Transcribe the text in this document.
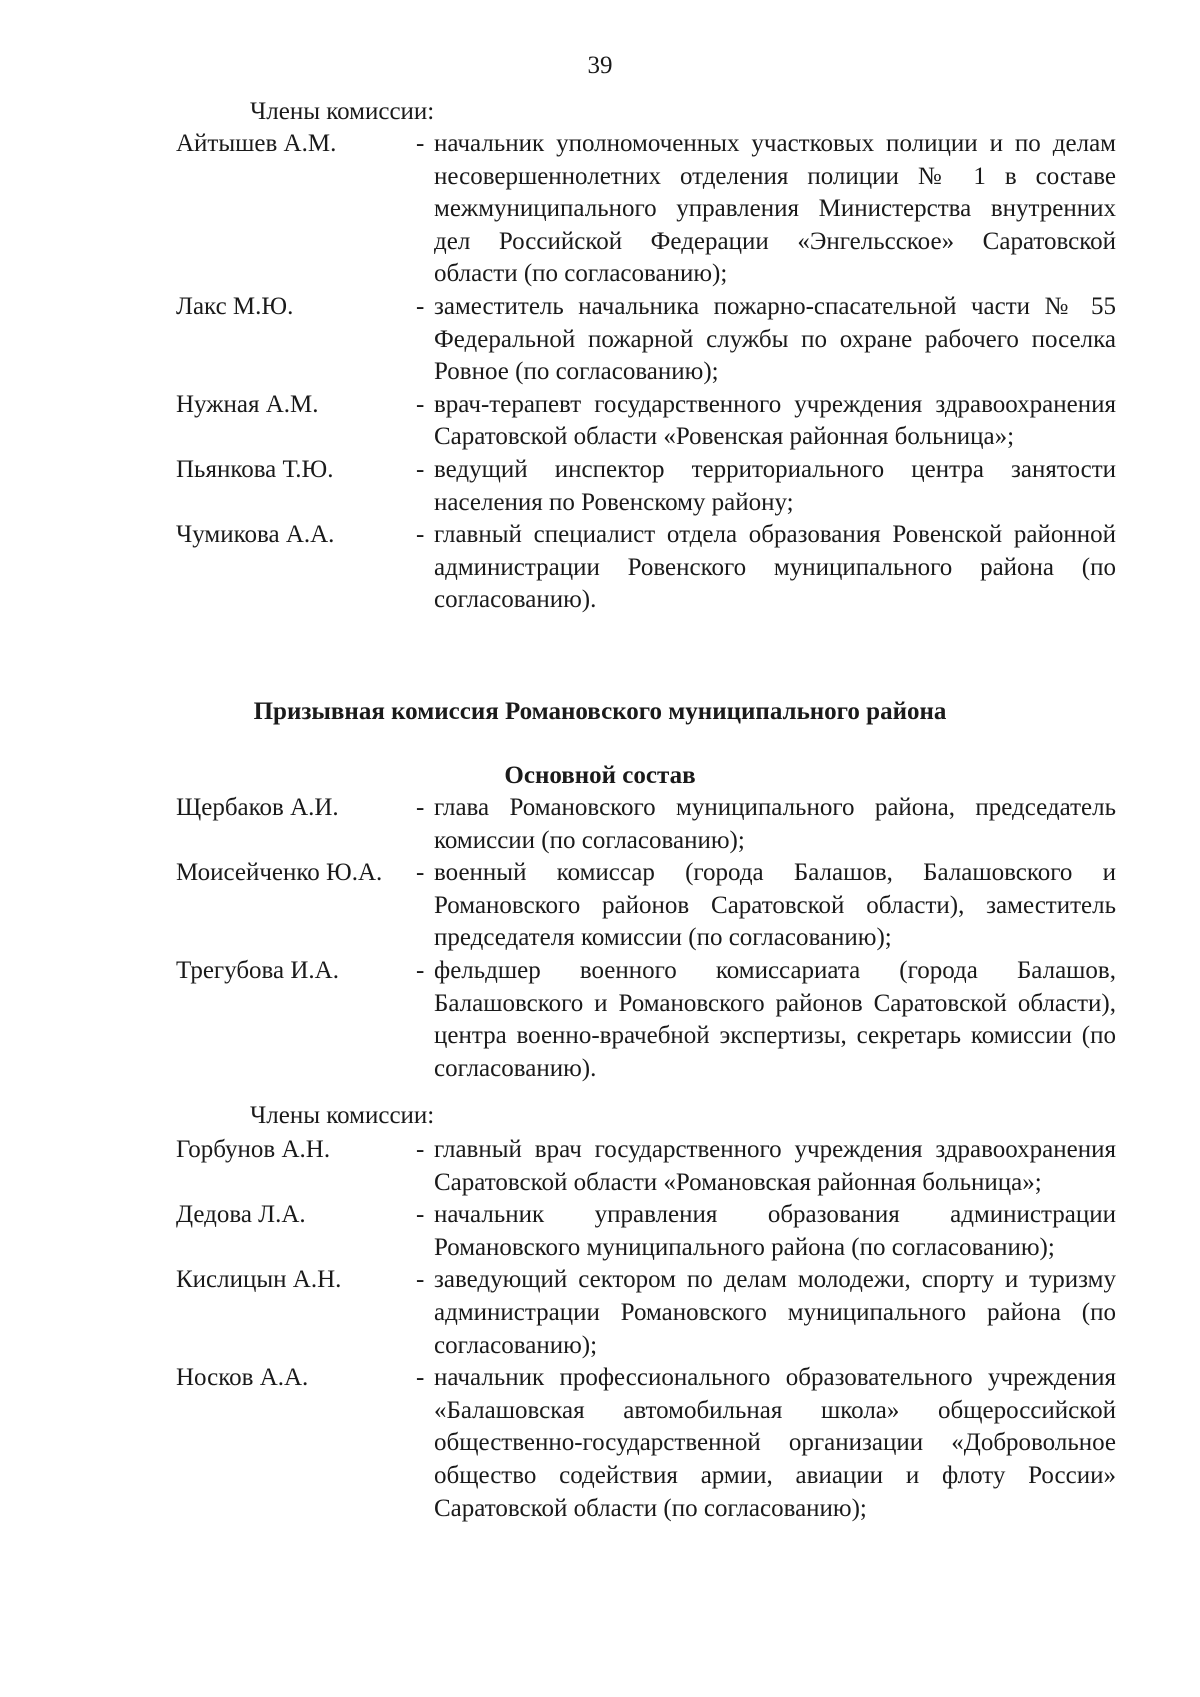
39
Члены комиссии:
Айтышев А.М.	- начальник уполномоченных участковых полиции и по делам несовершеннолетних отделения полиции № 1 в составе межмуниципального управления Министерства внутренних дел Российской Федерации «Энгельсское» Саратовской области (по согласованию);
Лакс М.Ю.	- заместитель начальника пожарно-спасательной части № 55 Федеральной пожарной службы по охране рабочего поселка Ровное (по согласованию);
Нужная А.М.	- врач-терапевт государственного учреждения здравоохранения Саратовской области «Ровенская районная больница»;
Пьянкова Т.Ю.	- ведущий инспектор территориального центра занятости населения по Ровенскому району;
Чумикова А.А.	- главный специалист отдела образования Ровенской районной администрации Ровенского муниципального района (по согласованию).
Призывная комиссия Романовского муниципального района
Основной состав
Щербаков А.И.	- глава Романовского муниципального района, председатель комиссии (по согласованию);
Моисейченко Ю.А.	- военный комиссар (города Балашов, Балашовского и Романовского районов Саратовской области), заместитель председателя комиссии (по согласованию);
Трегубова И.А.	- фельдшер военного комиссариата (города Балашов, Балашовского и Романовского районов Саратовской области), центра военно-врачебной экспертизы, секретарь комиссии (по согласованию).
Члены комиссии:
Горбунов А.Н.	- главный врач государственного учреждения здравоохранения Саратовской области «Романовская районная больница»;
Дедова Л.А.	- начальник управления образования администрации Романовского муниципального района (по согласованию);
Кислицын А.Н.	- заведующий сектором по делам молодежи, спорту и туризму администрации Романовского муниципального района (по согласованию);
Носков А.А.	- начальник профессионального образовательного учреждения «Балашовская автомобильная школа» общероссийской общественно-государственной организации «Добровольное общество содействия армии, авиации и флоту России» Саратовской области (по согласованию);
